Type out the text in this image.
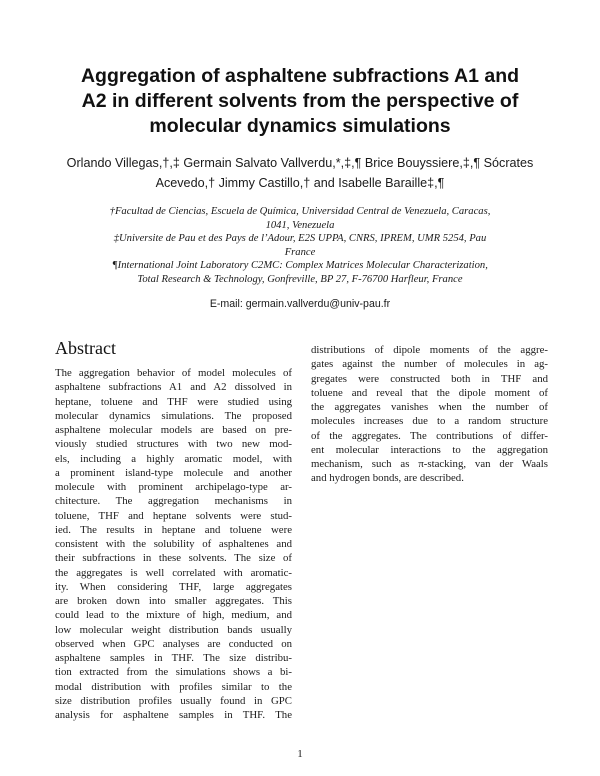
Aggregation of asphaltene subfractions A1 and
A2 in different solvents from the perspective of
molecular dynamics simulations
Orlando Villegas,†,‡ Germain Salvato Vallverdu,*,‡,¶ Brice Bouyssiere,‡,¶ Sócrates
Acevedo,† Jimmy Castillo,† and Isabelle Baraille‡,¶
†Facultad de Ciencias, Escuela de Química, Universidad Central de Venezuela, Caracas,
1041, Venezuela
‡Universite de Pau et des Pays de l’Adour, E2S UPPA, CNRS, IPREM, UMR 5254, Pau
France
¶International Joint Laboratory C2MC: Complex Matrices Molecular Characterization,
Total Research & Technology, Gonfreville, BP 27, F-76700 Harfleur, France
E-mail: germain.vallverdu@univ-pau.fr
Abstract
The aggregation behavior of model molecules of
asphaltene subfractions A1 and A2 dissolved in
heptane, toluene and THF were studied using
molecular dynamics simulations. The proposed
asphaltene molecular models are based on pre-
viously studied structures with two new mod-
els, including a highly aromatic model, with
a prominent island-type molecule and another
molecule with prominent archipelago-type ar-
chitecture. The aggregation mechanisms in
toluene, THF and heptane solvents were stud-
ied. The results in heptane and toluene were
consistent with the solubility of asphaltenes and
their subfractions in these solvents. The size of
the aggregates is well correlated with aromatic-
ity. When considering THF, large aggregates
are broken down into smaller aggregates. This
could lead to the mixture of high, medium, and
low molecular weight distribution bands usually
observed when GPC analyses are conducted on
asphaltene samples in THF. The size distribu-
tion extracted from the simulations shows a bi-
modal distribution with profiles similar to the
size distribution profiles usually found in GPC
analysis for asphaltene samples in THF. The
distributions of dipole moments of the aggre-
gates against the number of molecules in ag-
gregates were constructed both in THF and
toluene and reveal that the dipole moment of
the aggregates vanishes when the number of
molecules increases due to a random structure
of the aggregates. The contributions of differ-
ent molecular interactions to the aggregation
mechanism, such as π-stacking, van der Waals
and hydrogen bonds, are described.
1
